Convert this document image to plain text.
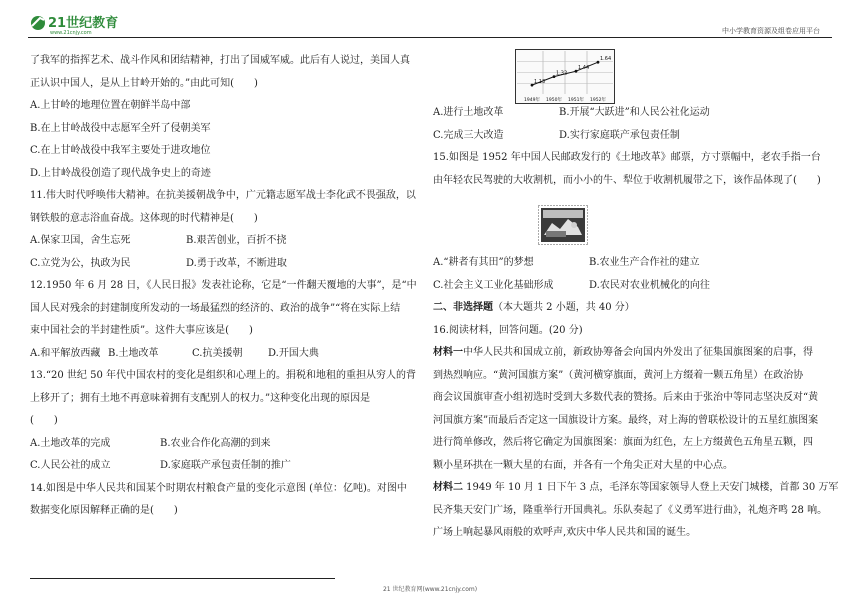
21世纪教育
www.21cnjy.com	中小学教育资源及组卷应用平台
了我军的指挥艺术、战斗作风和团结精神，打出了国威军威。此后有人说过，美国人真
正认识中国人，是从上甘岭开始的。”由此可知(　　)
A.上甘岭的地理位置在朝鲜半岛中部
B.在上甘岭战役中志愿军全歼了侵朝美军
C.在上甘岭战役中我军主要处于进攻地位
D.上甘岭战役创造了现代战争史上的奇迹
11.伟大时代呼唤伟大精神。在抗美援朝战争中，广元籍志愿军战士李化武不畏强敌，以
钢铁般的意志浴血奋战。这体现的时代精神是(　　)
A.保家卫国，舍生忘死	B.艰苦创业，百折不挠
C.立党为公，执政为民	D.勇于改革，不断进取
12.1950 年 6 月 28 日，《人民日报》发表社论称，它是“一件翻天覆地的大事”，是“中
国人民对残余的封建制度所发动的一场最猛烈的经济的、政治的战争”“将在实际上结
束中国社会的半封建性质”。这件大事应该是(　　)
A.和平解放西藏 B.土地改革	C.抗美援朝	D.开国大典
13.“20 世纪 50 年代中国农村的变化是组织和心理上的。捐税和地租的重担从穷人的背
上移开了；拥有土地不再意味着拥有支配别人的权力。”这种变化出现的原因是
(　　)
A.土地改革的完成	B.农业合作化高潮的到来
C.人民公社的成立	D.家庭联产承包责任制的推广
14.如图是中华人民共和国某个时期农村粮食产量的变化示意图 (单位：亿吨)。对图中
数据变化原因解释正确的是(　　)
1.13
1949年
1.32
1950年
1.44
1951年
1.64
1952年
A.进行土地改革	B.开展“大跃进”和人民公社化运动
C.完成三大改造	D.实行家庭联产承包责任制
15.如图是 1952 年中国人民邮政发行的《土地改革》邮票，方寸票幅中，老农手指一台
由年轻农民驾驶的大收割机，而小小的牛、犁位于收割机履带之下，该作品体现了(　　)
A.“耕者有其田”的梦想	B.农业生产合作社的建立
C.社会主义工业化基础形成	D.农民对农业机械化的向往
二、非选择题（本大题共 2 小题，共 40 分）
16.阅读材料，回答问题。(20 分)
材料一中华人民共和国成立前，新政协筹备会向国内外发出了征集国旗图案的启事，得
到热烈响应。“黄河国旗方案”（黄河横穿旗面，黄河上方缀着一颗五角星）在政治协
商会议国旗审查小组初选时受到大多数代表的赞扬。后来由于张治中等同志坚决反对“黄
河国旗方案”而最后否定这一国旗设计方案。最终，对上海的曾联松设计的五星红旗图案
进行简单修改，然后将它确定为国旗图案：旗面为红色，左上方缀黄色五角星五颗，四
颗小星环拱在一颗大星的右面，并各有一个角尖正对大星的中心点。
材料二 1949 年 10 月 1 日下午 3 点，毛泽东等国家领导人登上天安门城楼，首都 30 万军
民齐集天安门广场，隆重举行开国典礼。乐队奏起了《义勇军进行曲》，礼炮齐鸣 28 响。
广场上响起暴风雨般的欢呼声,欢庆中华人民共和国的诞生。
21 世纪教育网(www.21cnjy.com)
